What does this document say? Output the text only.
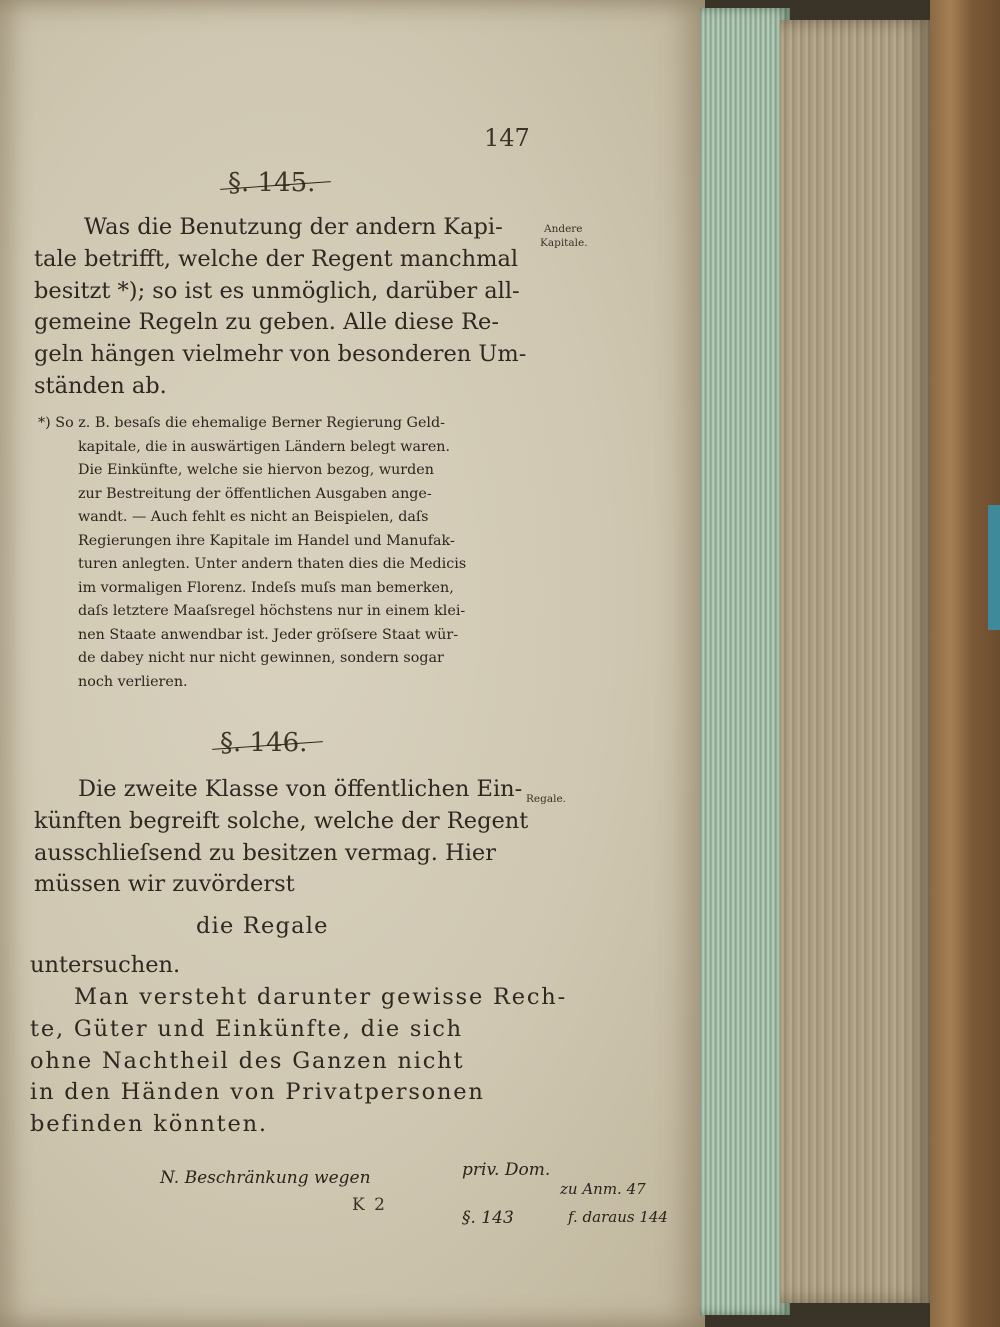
147
§. 145.
Was die Benutzung der andern Kapi-
tale betrifft, welche der Regent manchmal
besitzt *); so ist es unmöglich, darüber all-
gemeine Regeln zu geben. Alle diese Re-
geln hängen vielmehr von besonderen Um-
ständen ab.
Andere
Kapitale.
*) So z. B. besaſs die ehemalige Berner Regierung Geld-
kapitale, die in auswärtigen Ländern belegt waren.
Die Einkünfte, welche sie hiervon bezog, wurden
zur Bestreitung der öffentlichen Ausgaben ange-
wandt. — Auch fehlt es nicht an Beispielen, daſs
Regierungen ihre Kapitale im Handel und Manufak-
turen anlegten. Unter andern thaten dies die Medicis
im vormaligen Florenz. Indeſs muſs man bemerken,
daſs letztere Maaſsregel höchstens nur in einem klei-
nen Staate anwendbar ist. Jeder gröſsere Staat wür-
de dabey nicht nur nicht gewinnen, sondern sogar
noch verlieren.
§. 146.
Die zweite Klasse von öffentlichen Ein-
künften begreift solche, welche der Regent
ausschlieſsend zu besitzen vermag. Hier
müssen wir zuvörderst
Regale.
die Regale
untersuchen.
Man versteht darunter gewisse Rech-
te, Güter und Einkünfte, die sich
ohne Nachtheil des Ganzen nicht
in den Händen von Privatpersonen
befinden könnten.
K 2
N. Beschränkung wegen	priv. Dom.
§. 143
zu Anm. 47
f. daraus 144
